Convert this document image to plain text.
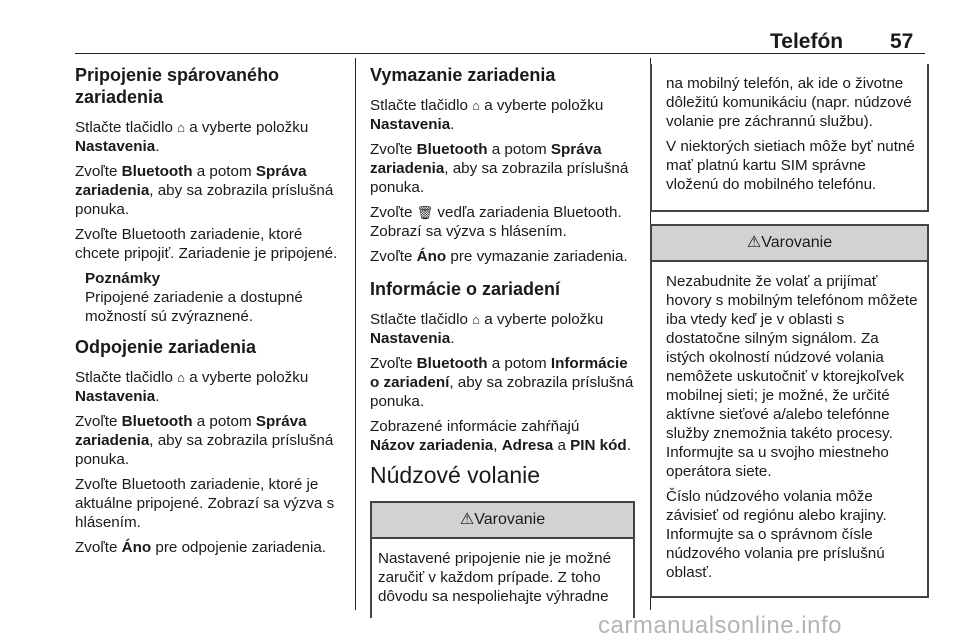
Telefón 57
Pripojenie spárovaného zariadenia

Stlačte tlačidlo ⌂ a vyberte položku
Nastavenia.

Zvoľte Bluetooth a potom Správa zariadenia, aby sa zobrazila príslušná ponuka.

Zvoľte Bluetooth zariadenie, ktoré chcete pripojiť. Zariadenie je pripojené.

Poznámky
Pripojené zariadenie a dostupné možností sú zvýraznené.
Odpojenie zariadenia

Stlačte tlačidlo ⌂ a vyberte položku
Nastavenia.

Zvoľte Bluetooth a potom Správa zariadenia, aby sa zobrazila príslušná ponuka.

Zvoľte Bluetooth zariadenie, ktoré je aktuálne pripojené. Zobrazí sa výzva s hlásením.

Zvoľte Áno pre odpojenie zariadenia.

Vymazanie zariadenia

Stlačte tlačidlo ⌂ a vyberte položku
Nastavenia.

Zvoľte Bluetooth a potom Správa zariadenia, aby sa zobrazila príslušná ponuka.

Zvoľte 🗑 vedľa zariadenia Bluetooth. Zobrazí sa výzva s hlásením.

Zvoľte Áno pre vymazanie zariadenia.

Informácie o zariadení

Stlačte tlačidlo ⌂ a vyberte položku
Nastavenia.

Zvoľte Bluetooth a potom Informácie o zariadení, aby sa zobrazila príslušná ponuka.

Zobrazené informácie zahŕňajú
Názov zariadenia, Adresa a PIN kód.

Núdzové volanie
⚠Varovanie

Nastavené pripojenie nie je možné zaručiť v každom prípade. Z toho dôvodu sa nespoliehajte výhradne

na mobilný telefón, ak ide o životne dôležitú komunikáciu (napr. núdzové volanie pre záchrannú službu).

V niektorých sietiach môže byť nutné mať platnú kartu SIM správne vloženú do mobilného telefónu.

⚠Varovanie

Nezabudnite že volať a prijímať hovory s mobilným telefónom môžete iba vtedy keď je v oblasti s dostatočne silným signálom. Za istých okolností núdzové volania nemôžete uskutočniť v ktorejkoľvek mobilnej sieti; je možné, že určité aktívne sieťové a/alebo telefónne služby znemožnia takéto procesy. Informujte sa u svojho miestneho operátora siete.

Číslo núdzového volania môže závisieť od regiónu alebo krajiny. Informujte sa o správnom čísle núdzového volania pre príslušnú oblasť.

carmanualsonline.info
